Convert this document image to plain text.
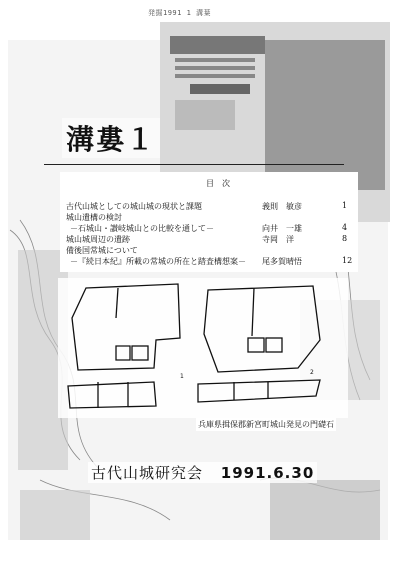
発掘1991 1 溝葉
溝婁１
目次
古代山城としての城山城の現状と課題	義則　敏彦	1
城山遺構の検討
－石城山・讃岐城山との比較を通して－	向井　一雄	4
城山城周辺の遺跡	寺岡　洋	8
備後国常城について
－『続日本紀』所載の常城の所在と踏査構想案－ 尾多賀晴悟	12
1
2
兵庫県揖保郡新宮町城山発見の門礎石
古代山城研究会 1991.6.30
